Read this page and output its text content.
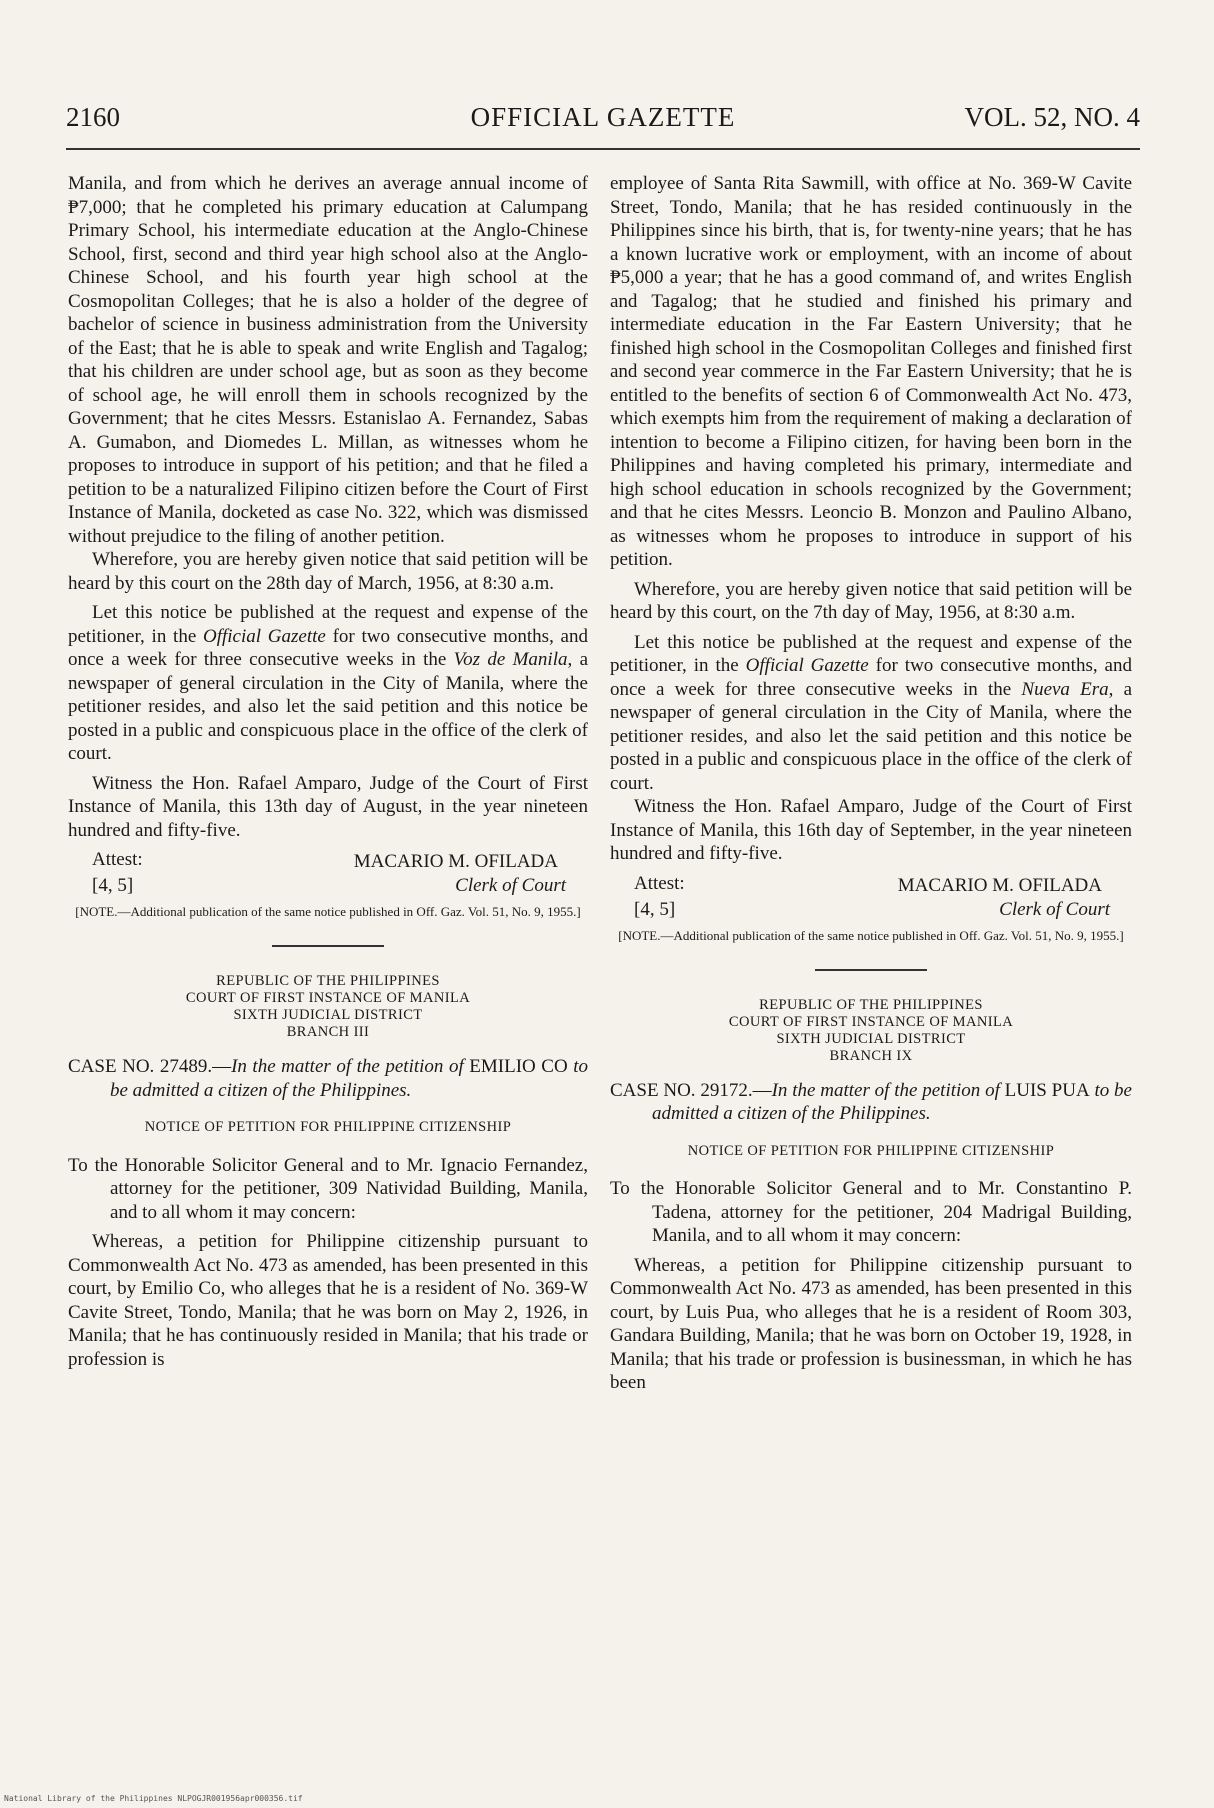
2160	OFFICIAL GAZETTE	VOL. 52, NO. 4

Manila, and from which he derives an average annual income of ₱7,000; that he completed his primary education at Calumpang Primary School, his intermediate education at the Anglo-Chinese School, first, second and third year high school also at the Anglo-Chinese School, and his fourth year high school at the Cosmopolitan Colleges; that he is also a holder of the degree of bachelor of science in business administration from the University of the East; that he is able to speak and write English and Tagalog; that his children are under school age, but as soon as they become of school age, he will enroll them in schools recognized by the Government; that he cites Messrs. Estanislao A. Fernandez, Sabas A. Gumabon, and Diomedes L. Millan, as witnesses whom he proposes to introduce in support of his petition; and that he filed a petition to be a naturalized Filipino citizen before the Court of First Instance of Manila, docketed as case No. 322, which was dismissed without prejudice to the filing of another petition.

Wherefore, you are hereby given notice that said petition will be heard by this court on the 28th day of March, 1956, at 8:30 a.m.

Let this notice be published at the request and expense of the petitioner, in the Official Gazette for two consecutive months, and once a week for three consecutive weeks in the Voz de Manila, a newspaper of general circulation in the City of Manila, where the petitioner resides, and also let the said petition and this notice be posted in a public and conspicuous place in the office of the clerk of court.

Witness the Hon. Rafael Amparo, Judge of the Court of First Instance of Manila, this 13th day of August, in the year nineteen hundred and fifty-five.

Attest:
[4, 5]
MACARIO M. OFILADA
Clerk of Court
[NOTE.—Additional publication of the same notice published in Off. Gaz. Vol. 51, No. 9, 1955.]
REPUBLIC OF THE PHILIPPINES
COURT OF FIRST INSTANCE OF MANILA
SIXTH JUDICIAL DISTRICT
BRANCH III
CASE NO. 27489.—In the matter of the petition of EMILIO CO to be admitted a citizen of the Philippines.
NOTICE OF PETITION FOR PHILIPPINE CITIZENSHIP
To the Honorable Solicitor General and to Mr. Ignacio Fernandez, attorney for the petitioner, 309 Natividad Building, Manila, and to all whom it may concern:

Whereas, a petition for Philippine citizenship pursuant to Commonwealth Act No. 473 as amended, has been presented in this court, by Emilio Co, who alleges that he is a resident of No. 369-W Cavite Street, Tondo, Manila; that he was born on May 2, 1926, in Manila; that he has continuously resided in Manila; that his trade or profession is

employee of Santa Rita Sawmill, with office at No. 369-W Cavite Street, Tondo, Manila; that he has resided continuously in the Philippines since his birth, that is, for twenty-nine years; that he has a known lucrative work or employment, with an income of about ₱5,000 a year; that he has a good command of, and writes English and Tagalog; that he studied and finished his primary and intermediate education in the Far Eastern University; that he finished high school in the Cosmopolitan Colleges and finished first and second year commerce in the Far Eastern University; that he is entitled to the benefits of section 6 of Commonwealth Act No. 473, which exempts him from the requirement of making a declaration of intention to become a Filipino citizen, for having been born in the Philippines and having completed his primary, intermediate and high school education in schools recognized by the Government; and that he cites Messrs. Leoncio B. Monzon and Paulino Albano, as witnesses whom he proposes to introduce in support of his petition.

Wherefore, you are hereby given notice that said petition will be heard by this court, on the 7th day of May, 1956, at 8:30 a.m.

Let this notice be published at the request and expense of the petitioner, in the Official Gazette for two consecutive months, and once a week for three consecutive weeks in the Nueva Era, a newspaper of general circulation in the City of Manila, where the petitioner resides, and also let the said petition and this notice be posted in a public and conspicuous place in the office of the clerk of court.

Witness the Hon. Rafael Amparo, Judge of the Court of First Instance of Manila, this 16th day of September, in the year nineteen hundred and fifty-five.

Attest:
[4, 5]
MACARIO M. OFILADA
Clerk of Court
[NOTE.—Additional publication of the same notice published in Off. Gaz. Vol. 51, No. 9, 1955.]
REPUBLIC OF THE PHILIPPINES
COURT OF FIRST INSTANCE OF MANILA
SIXTH JUDICIAL DISTRICT
BRANCH IX
CASE NO. 29172.—In the matter of the petition of LUIS PUA to be admitted a citizen of the Philippines.
NOTICE OF PETITION FOR PHILIPPINE CITIZENSHIP
To the Honorable Solicitor General and to Mr. Constantino P. Tadena, attorney for the petitioner, 204 Madrigal Building, Manila, and to all whom it may concern:

Whereas, a petition for Philippine citizenship pursuant to Commonwealth Act No. 473 as amended, has been presented in this court, by Luis Pua, who alleges that he is a resident of Room 303, Gandara Building, Manila; that he was born on October 19, 1928, in Manila; that his trade or profession is businessman, in which he has been

National Library of the Philippines NLPOGJR001956apr000356.tif
